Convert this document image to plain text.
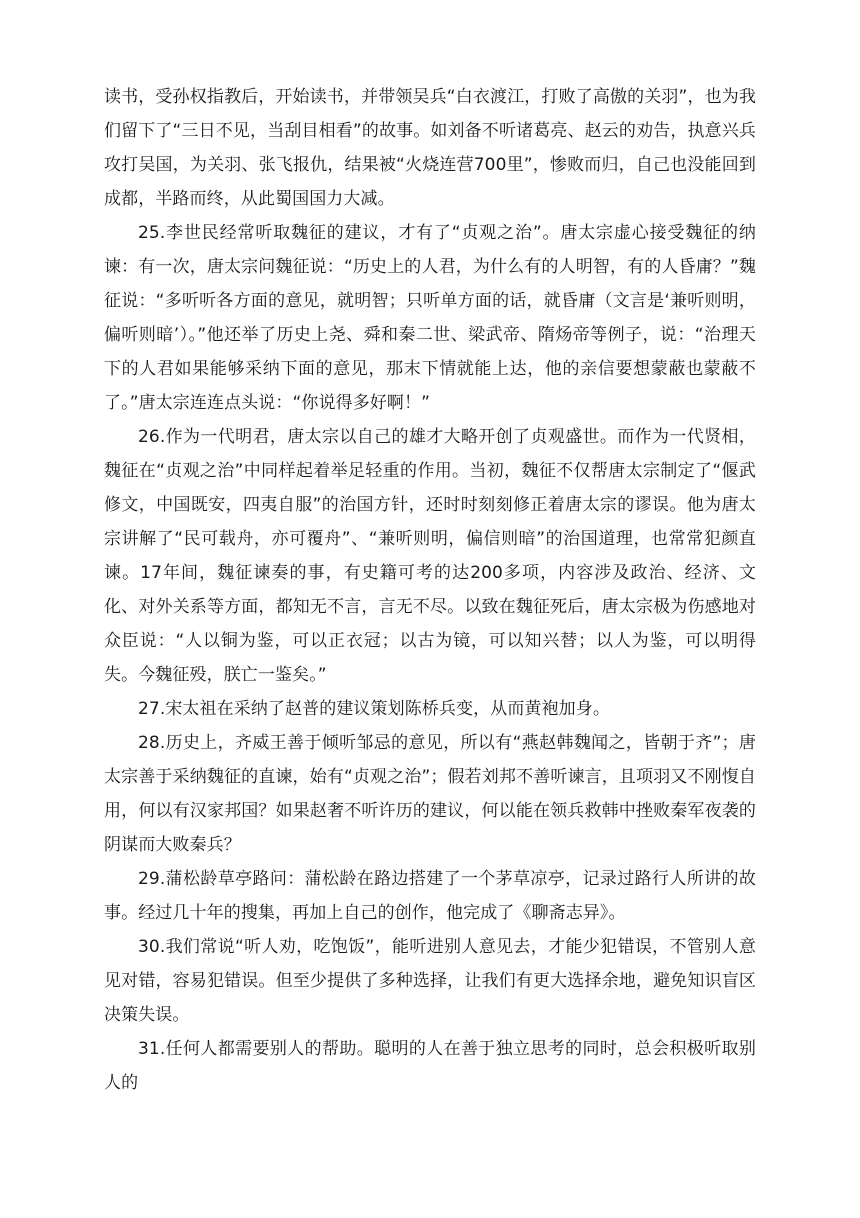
读书，受孙权指教后，开始读书，并带领吴兵“白衣渡江，打败了高傲的关羽”，也为我们留下了“三日不见，当刮目相看”的故事。如刘备不听诸葛亮、赵云的劝告，执意兴兵攻打吴国，为关羽、张飞报仇，结果被“火烧连营700里”，惨败而归，自己也没能回到成都，半路而终，从此蜀国国力大减。

25.李世民经常听取魏征的建议，才有了“贞观之治”。唐太宗虚心接受魏征的纳谏：有一次，唐太宗问魏征说：“历史上的人君，为什么有的人明智，有的人昏庸？”魏征说：“多听听各方面的意见，就明智；只听单方面的话，就昏庸（文言是‘兼听则明，偏听则暗’）。”他还举了历史上尧、舜和秦二世、梁武帝、隋炀帝等例子，说：“治理天下的人君如果能够采纳下面的意见，那末下情就能上达，他的亲信要想蒙蔽也蒙蔽不了。”唐太宗连连点头说：“你说得多好啊！”

26.作为一代明君，唐太宗以自己的雄才大略开创了贞观盛世。而作为一代贤相，魏征在“贞观之治”中同样起着举足轻重的作用。当初，魏征不仅帮唐太宗制定了“偃武修文，中国既安，四夷自服”的治国方针，还时时刻刻修正着唐太宗的谬误。他为唐太宗讲解了“民可载舟，亦可覆舟”、“兼听则明，偏信则暗”的治国道理，也常常犯颜直谏。17年间，魏征谏奏的事，有史籍可考的达200多项，内容涉及政治、经济、文化、对外关系等方面，都知无不言，言无不尽。以致在魏征死后，唐太宗极为伤感地对众臣说：“人以铜为鉴，可以正衣冠；以古为镜，可以知兴替；以人为鉴，可以明得失。今魏征殁，朕亡一鉴矣。”

27.宋太祖在采纳了赵普的建议策划陈桥兵变，从而黄袍加身。

28.历史上，齐威王善于倾听邹忌的意见，所以有“燕赵韩魏闻之，皆朝于齐”；唐太宗善于采纳魏征的直谏，始有“贞观之治”；假若刘邦不善听谏言，且项羽又不刚愎自用，何以有汉家邦国？如果赵奢不听许历的建议，何以能在领兵救韩中挫败秦军夜袭的阴谋而大败秦兵？

29.蒲松龄草亭路问：蒲松龄在路边搭建了一个茅草凉亭，记录过路行人所讲的故事。经过几十年的搜集，再加上自己的创作，他完成了《聊斋志异》。

30.我们常说“听人劝，吃饱饭”，能听进别人意见去，才能少犯错误，不管别人意见对错，容易犯错误。但至少提供了多种选择，让我们有更大选择余地，避免知识盲区决策失误。

31.任何人都需要别人的帮助。聪明的人在善于独立思考的同时，总会积极听取别人的
